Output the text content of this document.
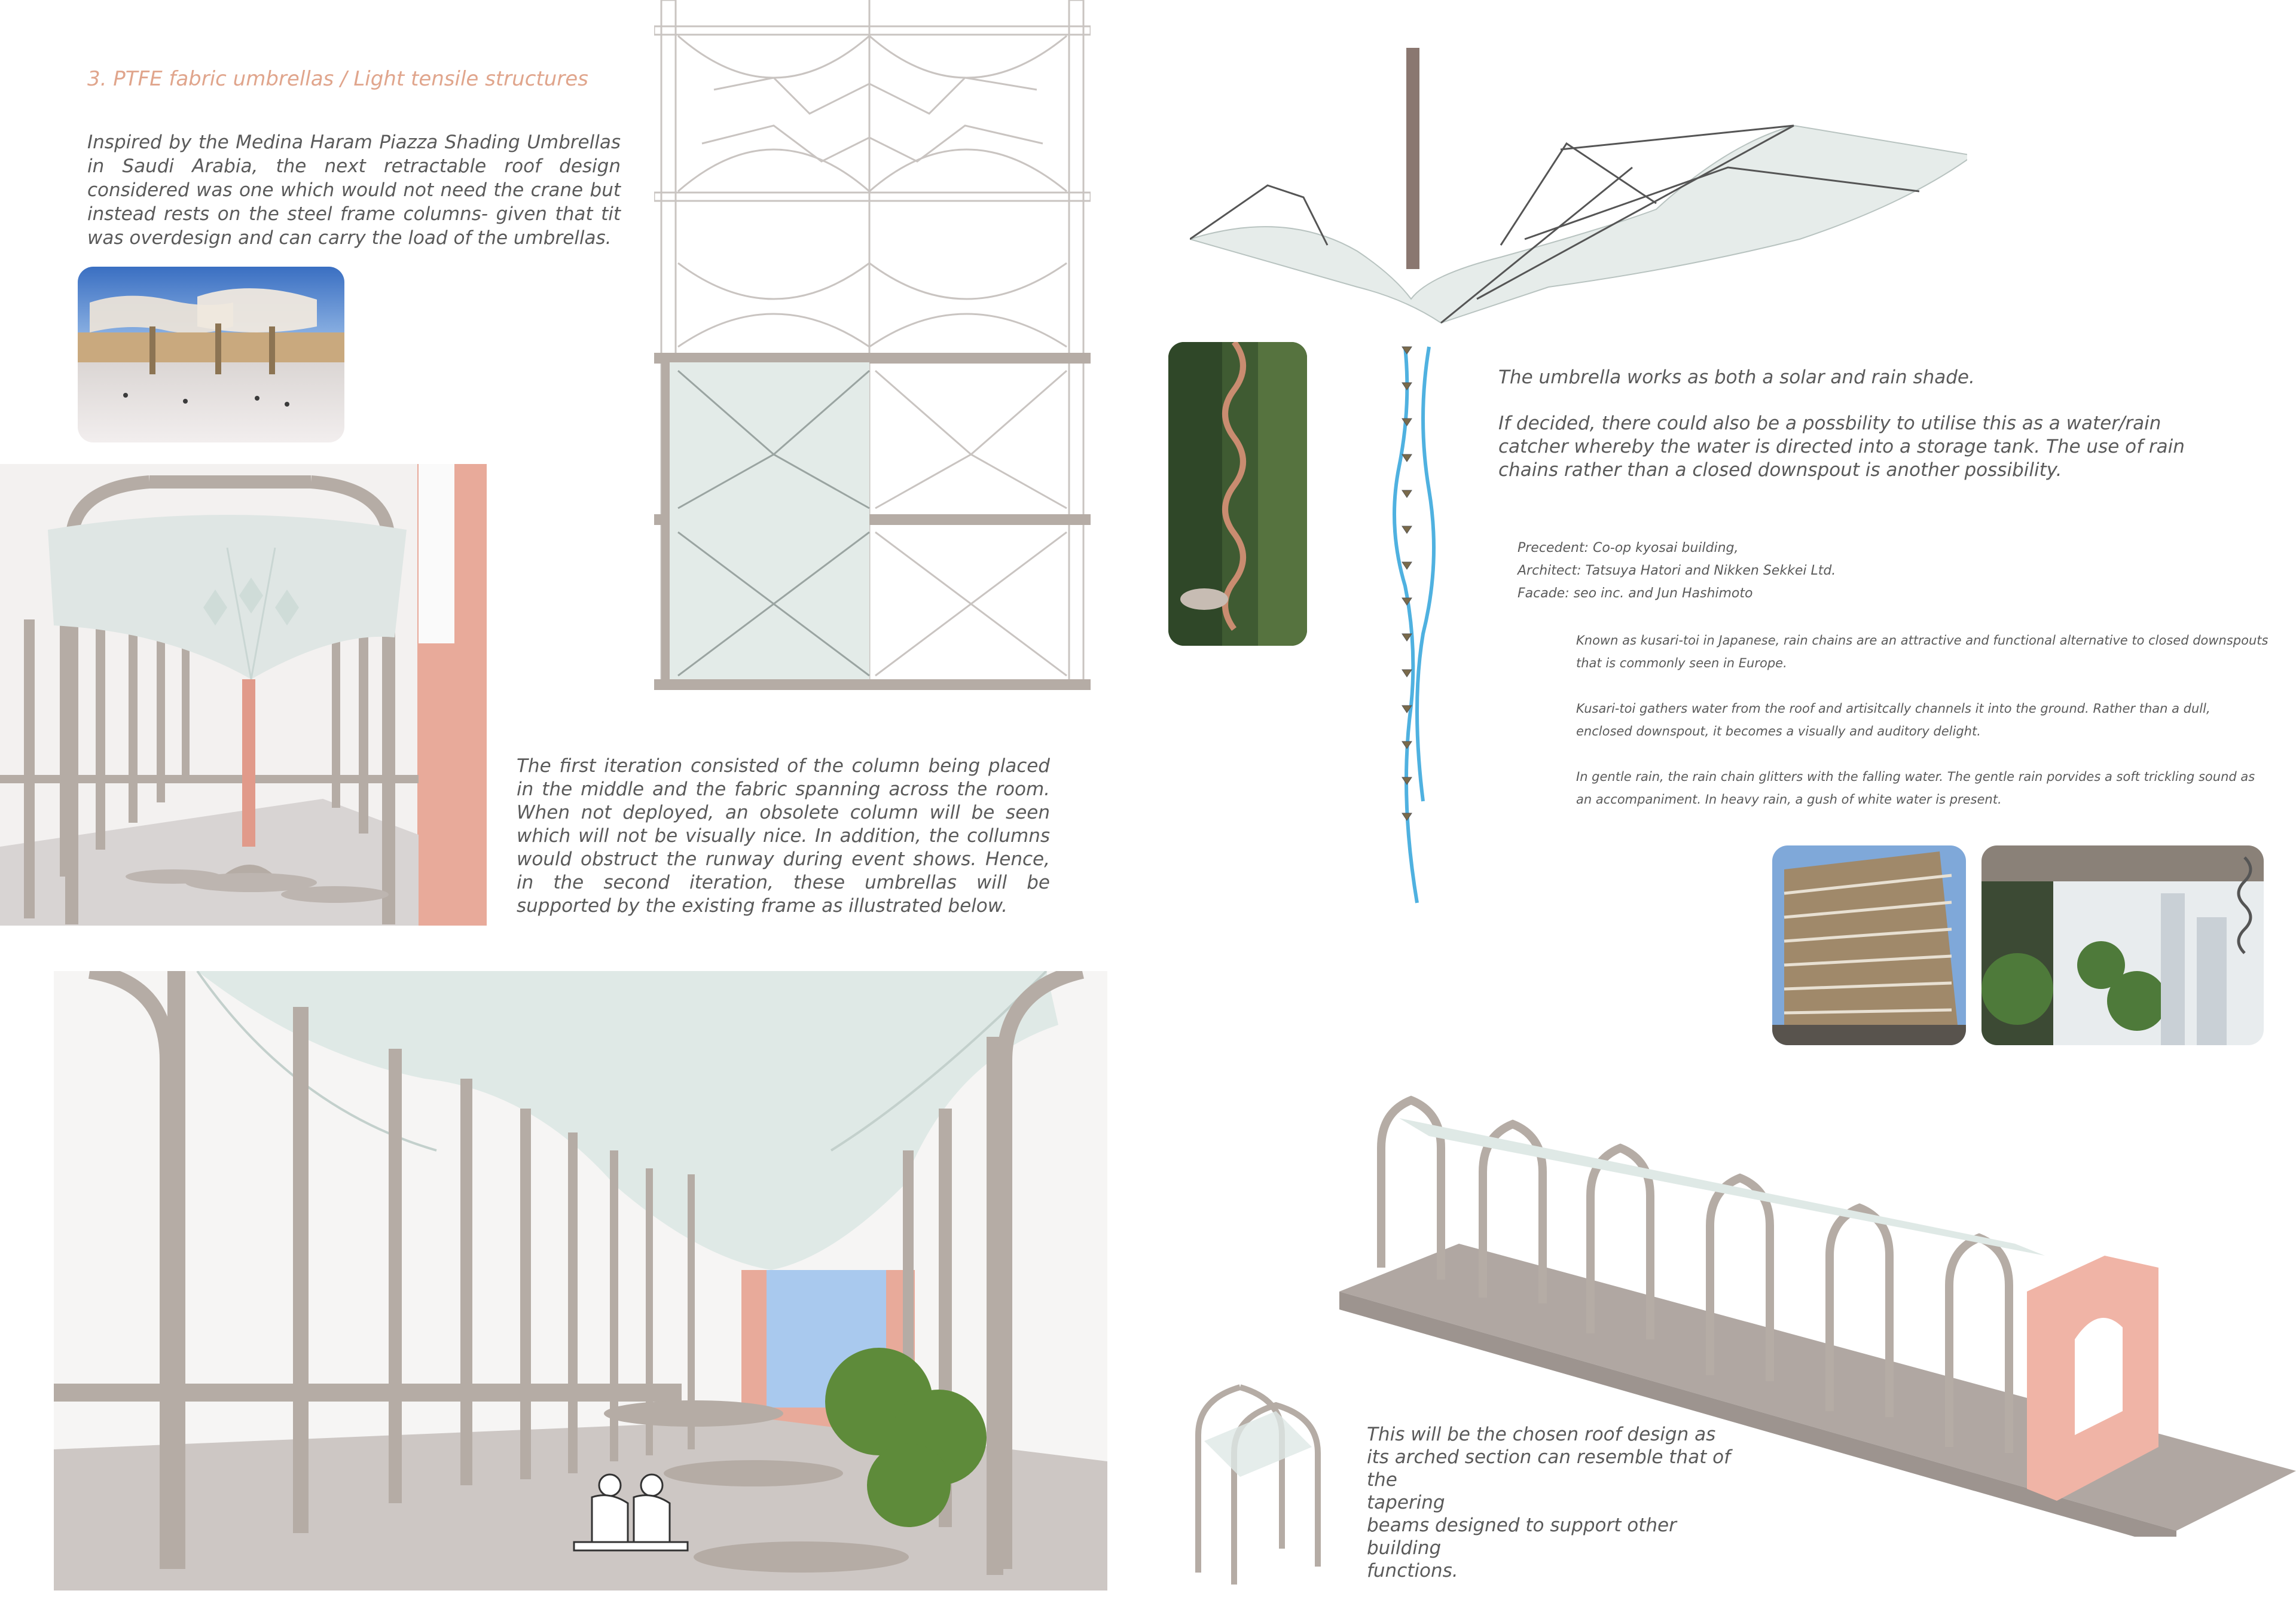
3. PTFE fabric umbrellas / Light tensile structures
Inspired by the Medina Haram Piazza Shading Umbrellas in Saudi Arabia, the next retractable roof design considered was one which would not need the crane but instead rests on the steel frame columns- given that tit was overdesign and can carry the load of the umbrellas.
The first iteration consisted of the column being placed in the middle and the fabric spanning across the room. When not deployed, an obsolete column will be seen which will not be visually nice. In addition, the collumns would obstruct the runway during event shows. Hence, in the second iteration, these umbrellas will be supported by the existing frame as illustrated below.

The umbrella works as both a solar and rain shade.

If decided, there could also be a possbility to utilise this as a water/rain catcher whereby the water is directed into a storage tank. The use of rain chains rather than a closed downspout is another possibility.

Precedent: Co-op kyosai building,
Architect: Tatsuya Hatori and Nikken Sekkei Ltd.
Facade: seo inc. and Jun Hashimoto

Known as kusari-toi in Japanese, rain chains are an attractive and functional alternative to closed downspouts that is commonly seen in Europe.

Kusari-toi gathers water from the roof and artisitcally channels it into the ground. Rather than a dull, enclosed downspout, it becomes a visually and auditory delight.

In gentle rain, the rain chain glitters with the falling water. The gentle rain porvides a soft trickling sound as an accompaniment. In heavy rain, a gush of white water is present.

This will be the chosen roof design as
its arched section can resemble that of the
tapering
beams designed to support other building
functions.
